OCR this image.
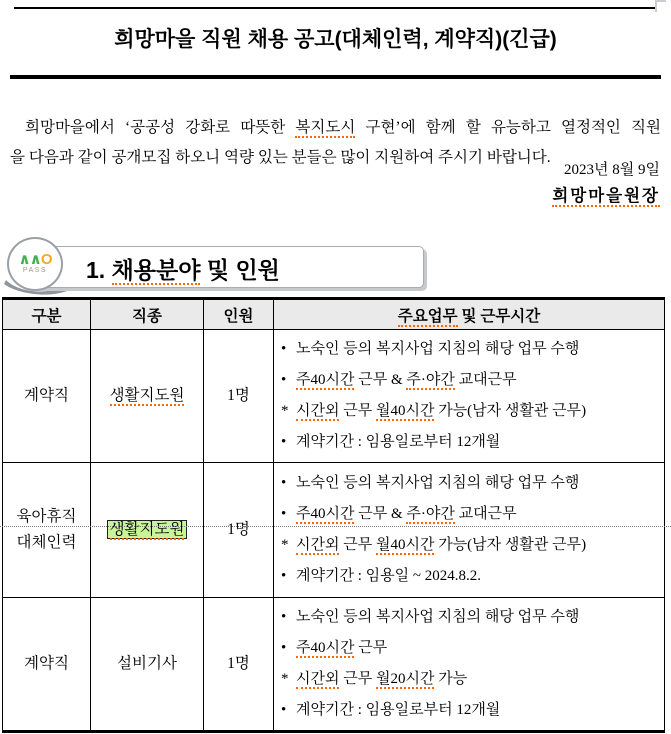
희망마을 직원 채용 공고(대체인력, 계약직)(긴급)

희망마을에서 ‘공공성 강화로 따뜻한 복지도시 구현’에 함께 할 유능하고 열정적인 직원
을 다음과 같이 공개모집 하오니 역량 있는 분들은 많이 지원하여 주시기 바랍니다.

2023년 8월 9일
희망마을원장
1. 채용분야 및 인원
∧∧O
PASS
구분	직종	인원	주요업무 및 근무시간

계약직	생활지도원	1명	
• 노숙인 등의 복지사업 지침의 해당 업무 수행
• 주40시간 근무 & 주·야간 교대근무
* 시간외 근무 월40시간 가능(남자 생활관 근무)
• 계약기간 : 임용일로부터 12개월

육아휴직
대체인력
	생활지도원	1명	
• 노숙인 등의 복지사업 지침의 해당 업무 수행
• 주40시간 근무 & 주·야간 교대근무
* 시간외 근무 월40시간 가능(남자 생활관 근무)
• 계약기간 : 임용일 ~ 2024.8.2.

계약직	설비기사	1명	
• 노숙인 등의 복지사업 지침의 해당 업무 수행
• 주40시간 근무
* 시간외 근무 월20시간 가능
• 계약기간 : 임용일로부터 12개월
